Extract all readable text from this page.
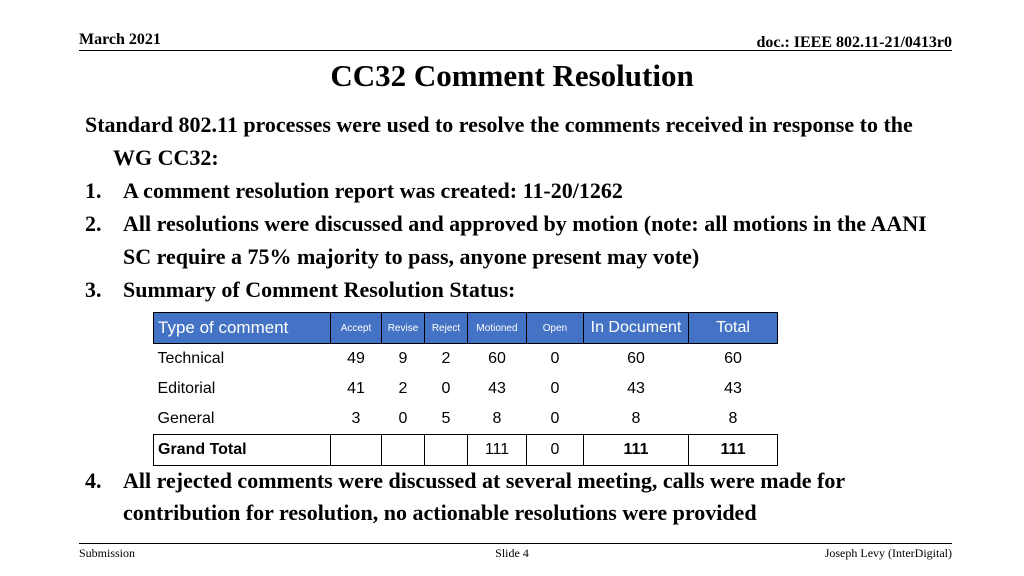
March 2021	doc.: IEEE 802.11-21/0413r0
CC32 Comment Resolution

Standard 802.11 processes were used to resolve the comments received in response to the WG CC32:

1. A comment resolution report was created: 11-20/1262
2. All resolutions were discussed and approved by motion (note: all motions in the AANI SC require a 75% majority to pass, anyone present may vote)
3. Summary of Comment Resolution Status:
Type of comment	Accept	Revise	Reject	Motioned	Open	In Document	Total
Technical	49	9	2	60	0	60	60
Editorial	41	2	0	43	0	43	43
General	3	0	5	8	0	8	8
Grand Total				111	0	111	111
4. All rejected comments were discussed at several meeting, calls were made for contribution for resolution, no actionable resolutions were provided
Submission	Slide 4	Joseph Levy (InterDigital)
